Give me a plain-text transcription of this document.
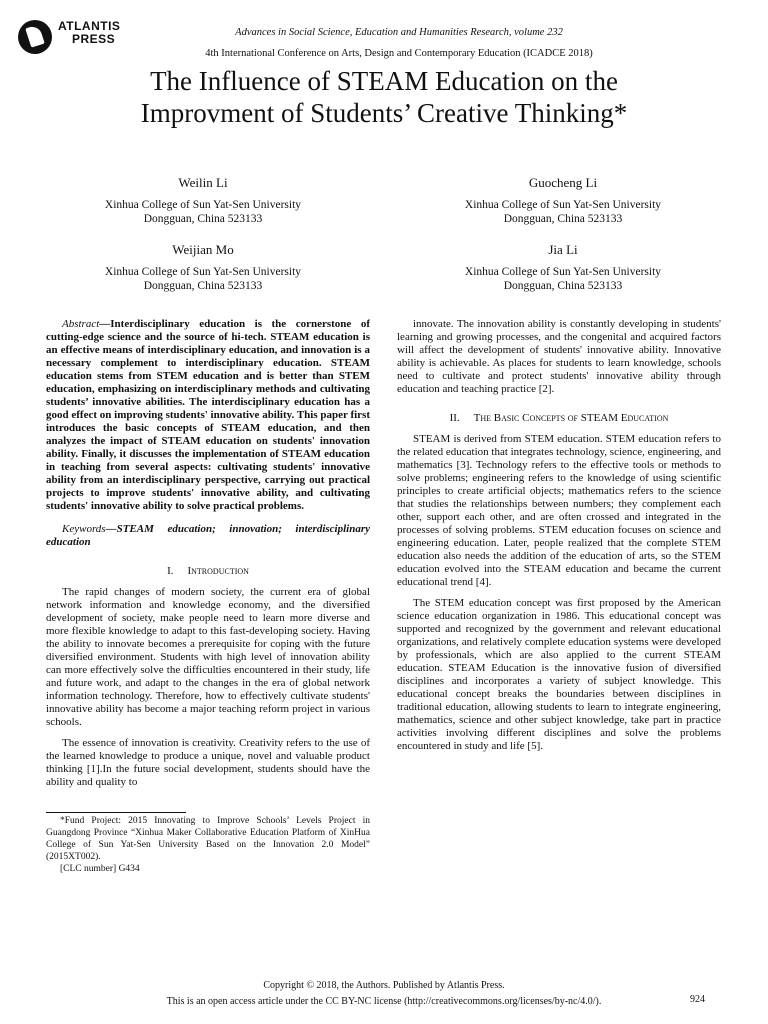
ATLANTIS
PRESS	Advances in Social Science, Education and Humanities Research, volume 232
4th International Conference on Arts, Design and Contemporary Education (ICADCE 2018)
The Influence of STEAM Education on the
Improvment of Students’ Creative Thinking*
Weilin Li
Xinhua College of Sun Yat-Sen University
Dongguan, China 523133
Guocheng Li
Xinhua College of Sun Yat-Sen University
Dongguan, China 523133
Weijian Mo
Xinhua College of Sun Yat-Sen University
Dongguan, China 523133
Jia Li
Xinhua College of Sun Yat-Sen University
Dongguan, China 523133
Abstract—Interdisciplinary education is the cornerstone of cutting-edge science and the source of hi-tech. STEAM education is an effective means of interdisciplinary education, and innovation is a necessary complement to interdisciplinary education. STEAM education stems from STEM education and is better than STEM education, emphasizing on interdisciplinary methods and cultivating students’ innovative abilities. The interdisciplinary education has a good effect on improving students' innovative ability. This paper first introduces the basic concepts of STEAM education, and then analyzes the impact of STEAM education on students' innovation ability. Finally, it discusses the implementation of STEAM education in teaching from several aspects: cultivating students' innovative ability from an interdisciplinary perspective, carrying out practical projects to improve students' innovative ability, and cultivating students' innovative ability to solve practical problems.
Keywords—STEAM education; innovation; interdisciplinary education
I. Introduction

The rapid changes of modern society, the current era of global network information and knowledge economy, and the diversified development of society, make people need to learn more diverse and more flexible knowledge to adapt to this fast-developing society. Having the ability to innovate becomes a prerequisite for coping with the future diversified environment. Students with high level of innovation ability can more effectively solve the difficulties encountered in their study, life and future work, and adapt to the changes in the era of global network information technology. Therefore, how to effectively cultivate students' innovative ability has become a major teaching reform project in various schools.

The essence of innovation is creativity. Creativity refers to the use of the learned knowledge to produce a unique, novel and valuable product thinking [1].In the future social development, students should have the ability and quality to

*Fund Project: 2015 Innovating to Improve Schools’ Levels Project in Guangdong Province “Xinhua Maker Collaborative Education Platform of XinHua College of Sun Yat-Sen University Based on the Innovation 2.0 Model” (2015XT002).
[CLC number] G434

innovate. The innovation ability is constantly developing in students' learning and growing processes, and the congenital and acquired factors will affect the development of students' innovative ability. Innovative ability is achievable. As places for students to learn knowledge, schools need to cultivate and protect students' innovative ability through education and teaching practice [2].

II. The Basic Concepts of STEAM Education

STEAM is derived from STEM education. STEM education refers to the related education that integrates technology, science, engineering, and mathematics [3]. Technology refers to the effective tools or methods to solve problems; engineering refers to the knowledge of using scientific principles to create artificial objects; mathematics refers to the science that studies the relationships between numbers; they complement each other, support each other, and are often crossed and integrated in the processes of solving problems. STEM education focuses on science and engineering education. Later, people realized that the complete STEM education also needs the addition of the education of arts, so the STEM education evolved into the STEAM education and became the current educational trend [4].

The STEM education concept was first proposed by the American science education organization in 1986. This educational concept was supported and recognized by the government and relevant educational organizations, and relatively complete education systems were developed by professionals, which are also applied to the current STEAM education. STEAM Education is the innovative fusion of diversified disciplines and incorporates a variety of subject knowledge. This educational concept breaks the boundaries between disciplines in traditional education, allowing students to learn to integrate engineering, mathematics, science and other subject knowledge, take part in practice activities involving different disciplines and solve the problems encountered in study and life [5].

Copyright © 2018, the Authors. Published by Atlantis Press.
This is an open access article under the CC BY-NC license (http://creativecommons.org/licenses/by-nc/4.0/).	924
